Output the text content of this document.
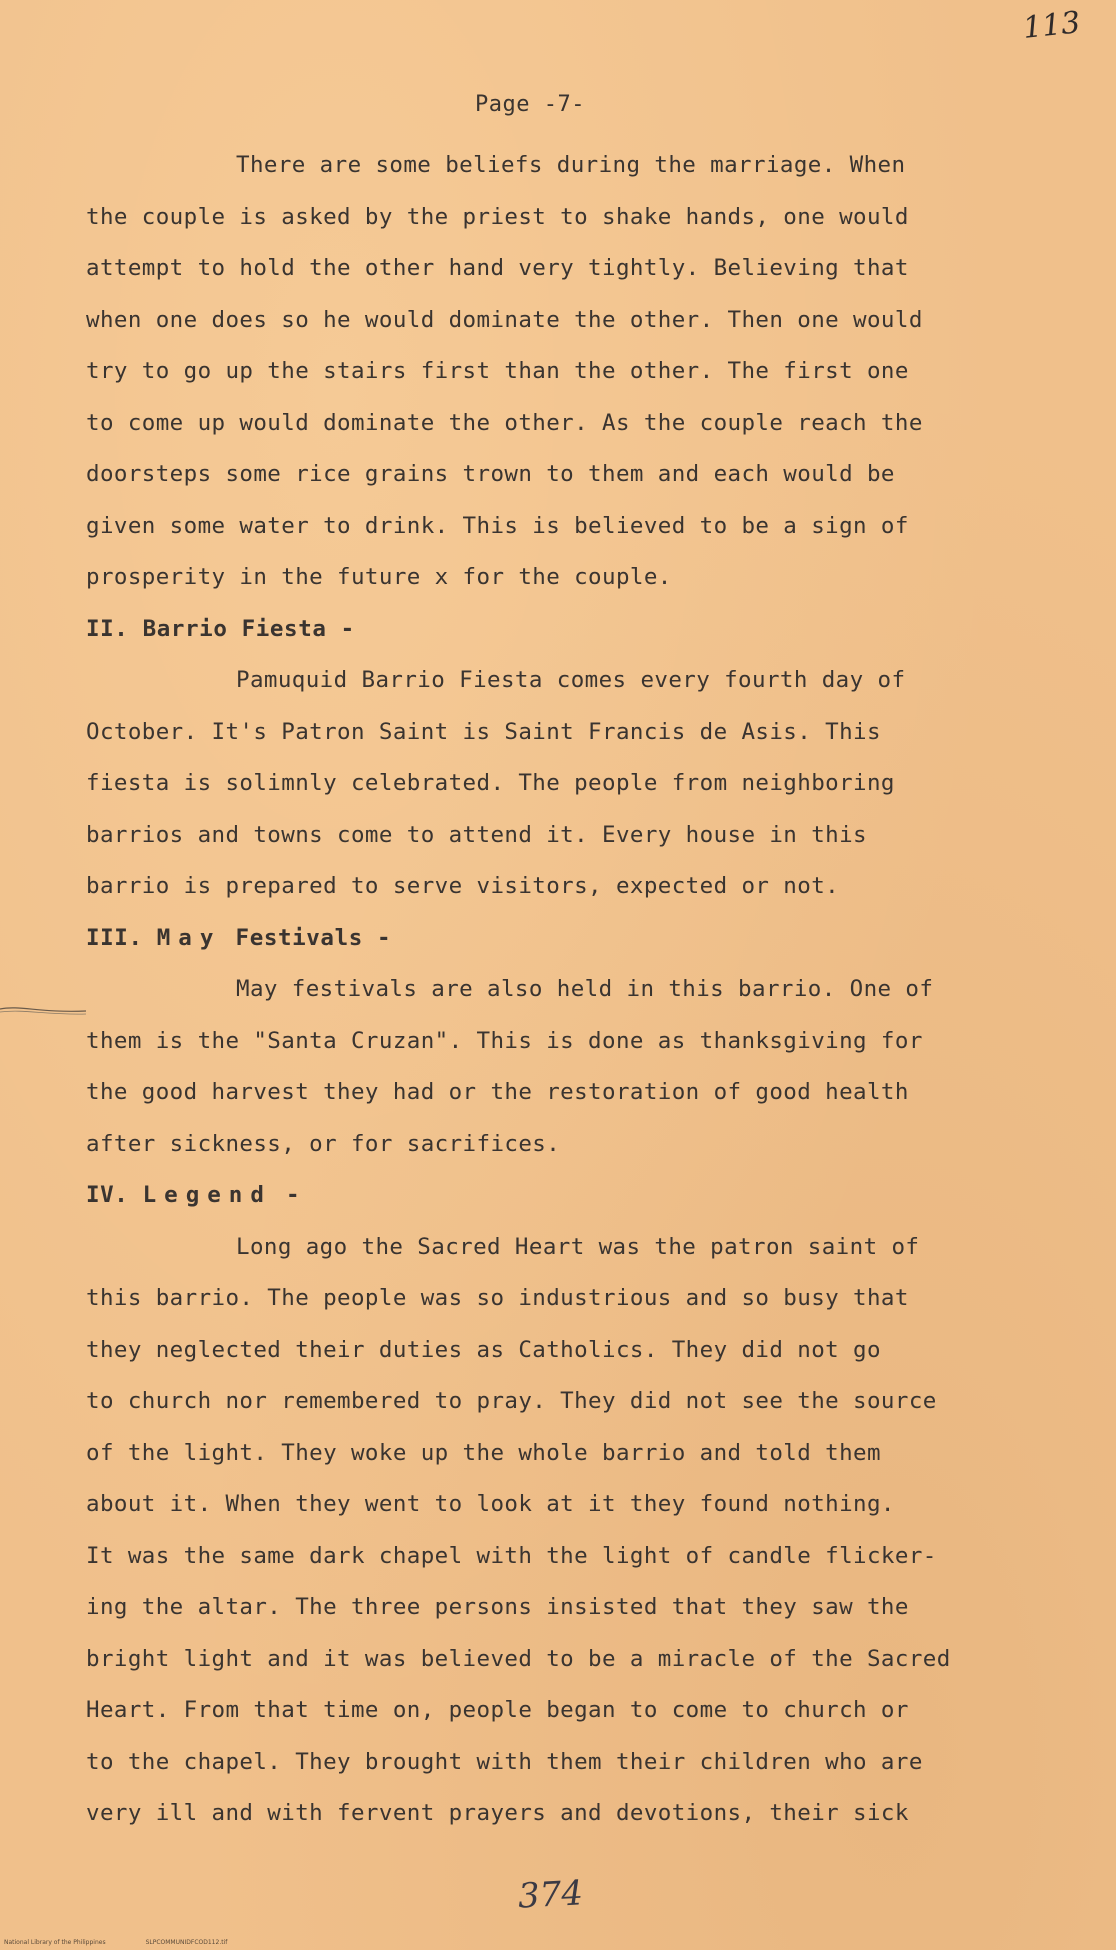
113
Page -7-
There are some beliefs during the marriage. When
the couple is asked by the priest to shake hands, one would
attempt to hold the other hand very tightly. Believing that
when one does so he would dominate the other. Then one would
try to go up the stairs first than the other. The first one
to come up would dominate the other. As the couple reach the
doorsteps some rice grains trown to them and each would be
given some water to drink. This is believed to be a sign of
prosperity in the future x for the couple.
II. Barrio Fiesta -
Pamuquid Barrio Fiesta comes every fourth day of
October. It's Patron Saint is Saint Francis de Asis. This
fiesta is solimnly celebrated. The people from neighboring
barrios and towns come to attend it. Every house in this
barrio is prepared to serve visitors, expected or not.
III. May Festivals -
May festivals are also held in this barrio. One of
them is the "Santa Cruzan". This is done as thanksgiving for
the good harvest they had or the restoration of good health
after sickness, or for sacrifices.
IV. Legend -
Long ago the Sacred Heart was the patron saint of
this barrio. The people was so industrious and so busy that
they neglected their duties as Catholics. They did not go
to church nor remembered to pray. They did not see the source
of the light. They woke up the whole barrio and told them
about it. When they went to look at it they found nothing.
It was the same dark chapel with the light of candle flicker-
ing the altar. The three persons insisted that they saw the
bright light and it was believed to be a miracle of the Sacred
Heart. From that time on, people began to come to church or
to the chapel. They brought with them their children who are
very ill and with fervent prayers and devotions, their sick
374
National Library of the Philippines	SLPCOMMUNIDFCOD112.tif
